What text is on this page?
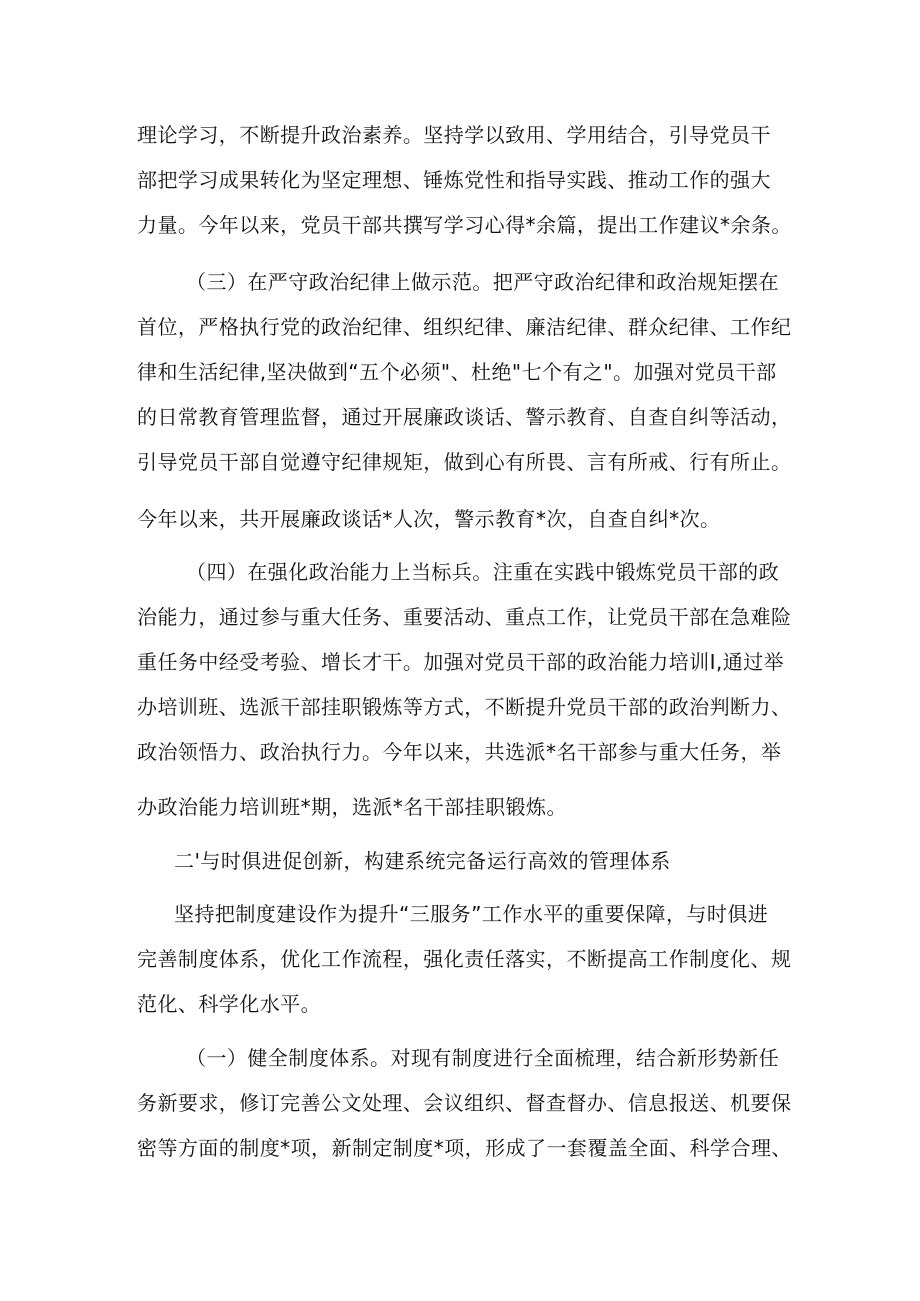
理论学习，不断提升政治素养。坚持学以致用、学用结合，引导党员干
部把学习成果转化为坚定理想、锤炼党性和指导实践、推动工作的强大
力量。今年以来，党员干部共撰写学习心得*余篇，提出工作建议*余条。
（三）在严守政治纪律上做示范。把严守政治纪律和政治规矩摆在
首位，严格执行党的政治纪律、组织纪律、廉洁纪律、群众纪律、工作纪
律和生活纪律,坚决做到“五个必须"、杜绝"七个有之"。加强对党员干部
的日常教育管理监督，通过开展廉政谈话、警示教育、自查自纠等活动，
引导党员干部自觉遵守纪律规矩，做到心有所畏、言有所戒、行有所止。
今年以来，共开展廉政谈话*人次，警示教育*次，自查自纠*次。
（四）在强化政治能力上当标兵。注重在实践中锻炼党员干部的政
治能力，通过参与重大任务、重要活动、重点工作，让党员干部在急难险
重任务中经受考验、增长才干。加强对党员干部的政治能力培训I,通过举
办培训班、选派干部挂职锻炼等方式，不断提升党员干部的政治判断力、
政治领悟力、政治执行力。今年以来，共选派*名干部参与重大任务，举
办政治能力培训班*期，选派*名干部挂职锻炼。
二'与时俱进促创新，构建系统完备运行高效的管理体系
坚持把制度建设作为提升“三服务”工作水平的重要保障，与时俱进
完善制度体系，优化工作流程，强化责任落实，不断提高工作制度化、规
范化、科学化水平。
（一）健全制度体系。对现有制度进行全面梳理，结合新形势新任
务新要求，修订完善公文处理、会议组织、督查督办、信息报送、机要保
密等方面的制度*项，新制定制度*项，形成了一套覆盖全面、科学合理、
